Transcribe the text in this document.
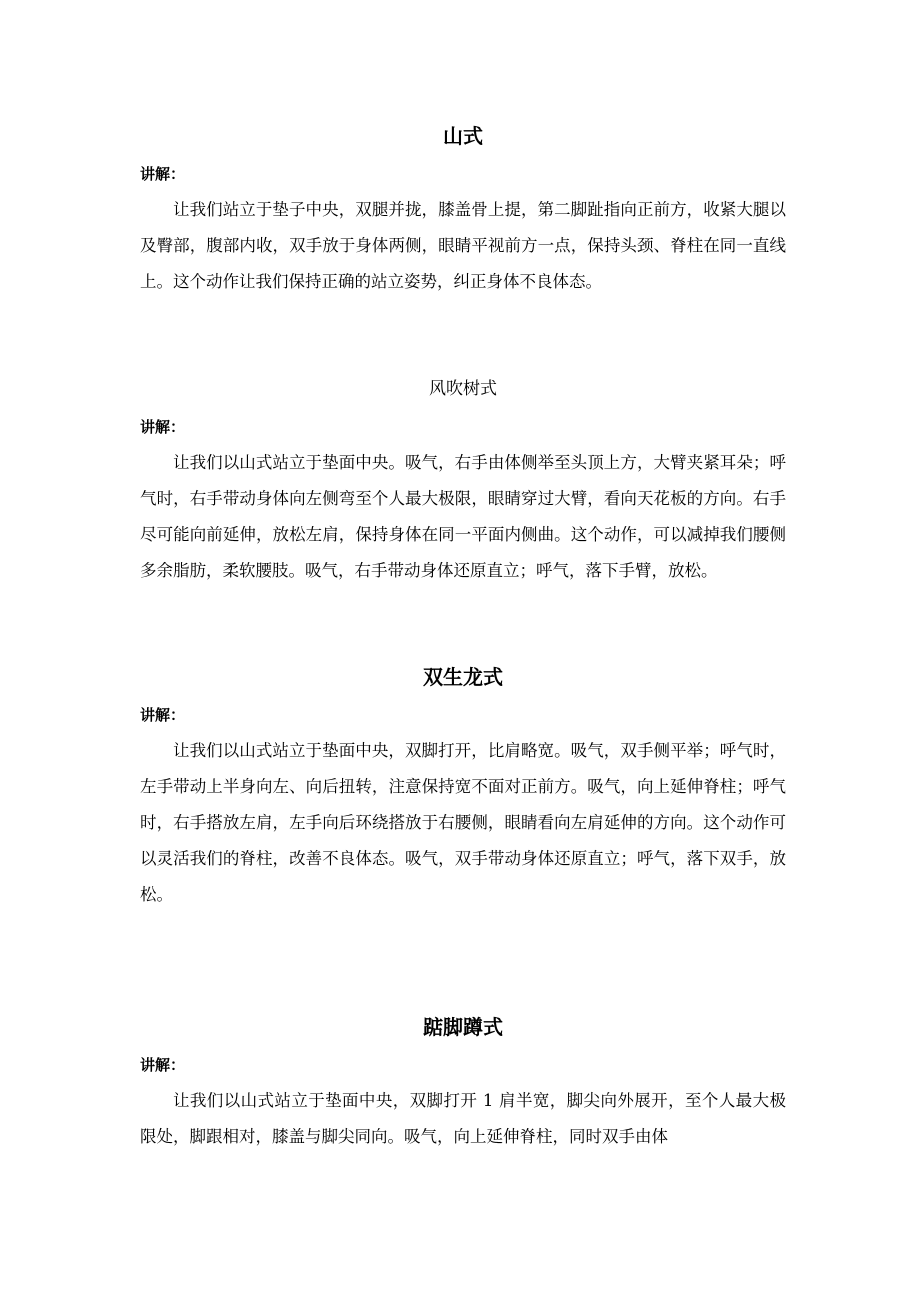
山式

讲解：

让我们站立于垫子中央，双腿并拢，膝盖骨上提，第二脚趾指向正前方，收紧大腿以及臀部，腹部内收，双手放于身体两侧，眼睛平视前方一点，保持头颈、脊柱在同一直线上。这个动作让我们保持正确的站立姿势，纠正身体不良体态。

风吹树式

讲解：

让我们以山式站立于垫面中央。吸气，右手由体侧举至头顶上方，大臂夹紧耳朵；呼气时，右手带动身体向左侧弯至个人最大极限，眼睛穿过大臂，看向天花板的方向。右手尽可能向前延伸，放松左肩，保持身体在同一平面内侧曲。这个动作，可以减掉我们腰侧多余脂肪，柔软腰肢。吸气，右手带动身体还原直立；呼气，落下手臂，放松。

双生龙式

讲解：

让我们以山式站立于垫面中央，双脚打开，比肩略宽。吸气，双手侧平举；呼气时，左手带动上半身向左、向后扭转，注意保持宽不面对正前方。吸气，向上延伸脊柱；呼气时，右手搭放左肩，左手向后环绕搭放于右腰侧，眼睛看向左肩延伸的方向。这个动作可以灵活我们的脊柱，改善不良体态。吸气，双手带动身体还原直立；呼气，落下双手，放松。

踮脚蹲式

讲解：

让我们以山式站立于垫面中央，双脚打开 1 肩半宽，脚尖向外展开，至个人最大极限处，脚跟相对，膝盖与脚尖同向。吸气，向上延伸脊柱，同时双手由体
